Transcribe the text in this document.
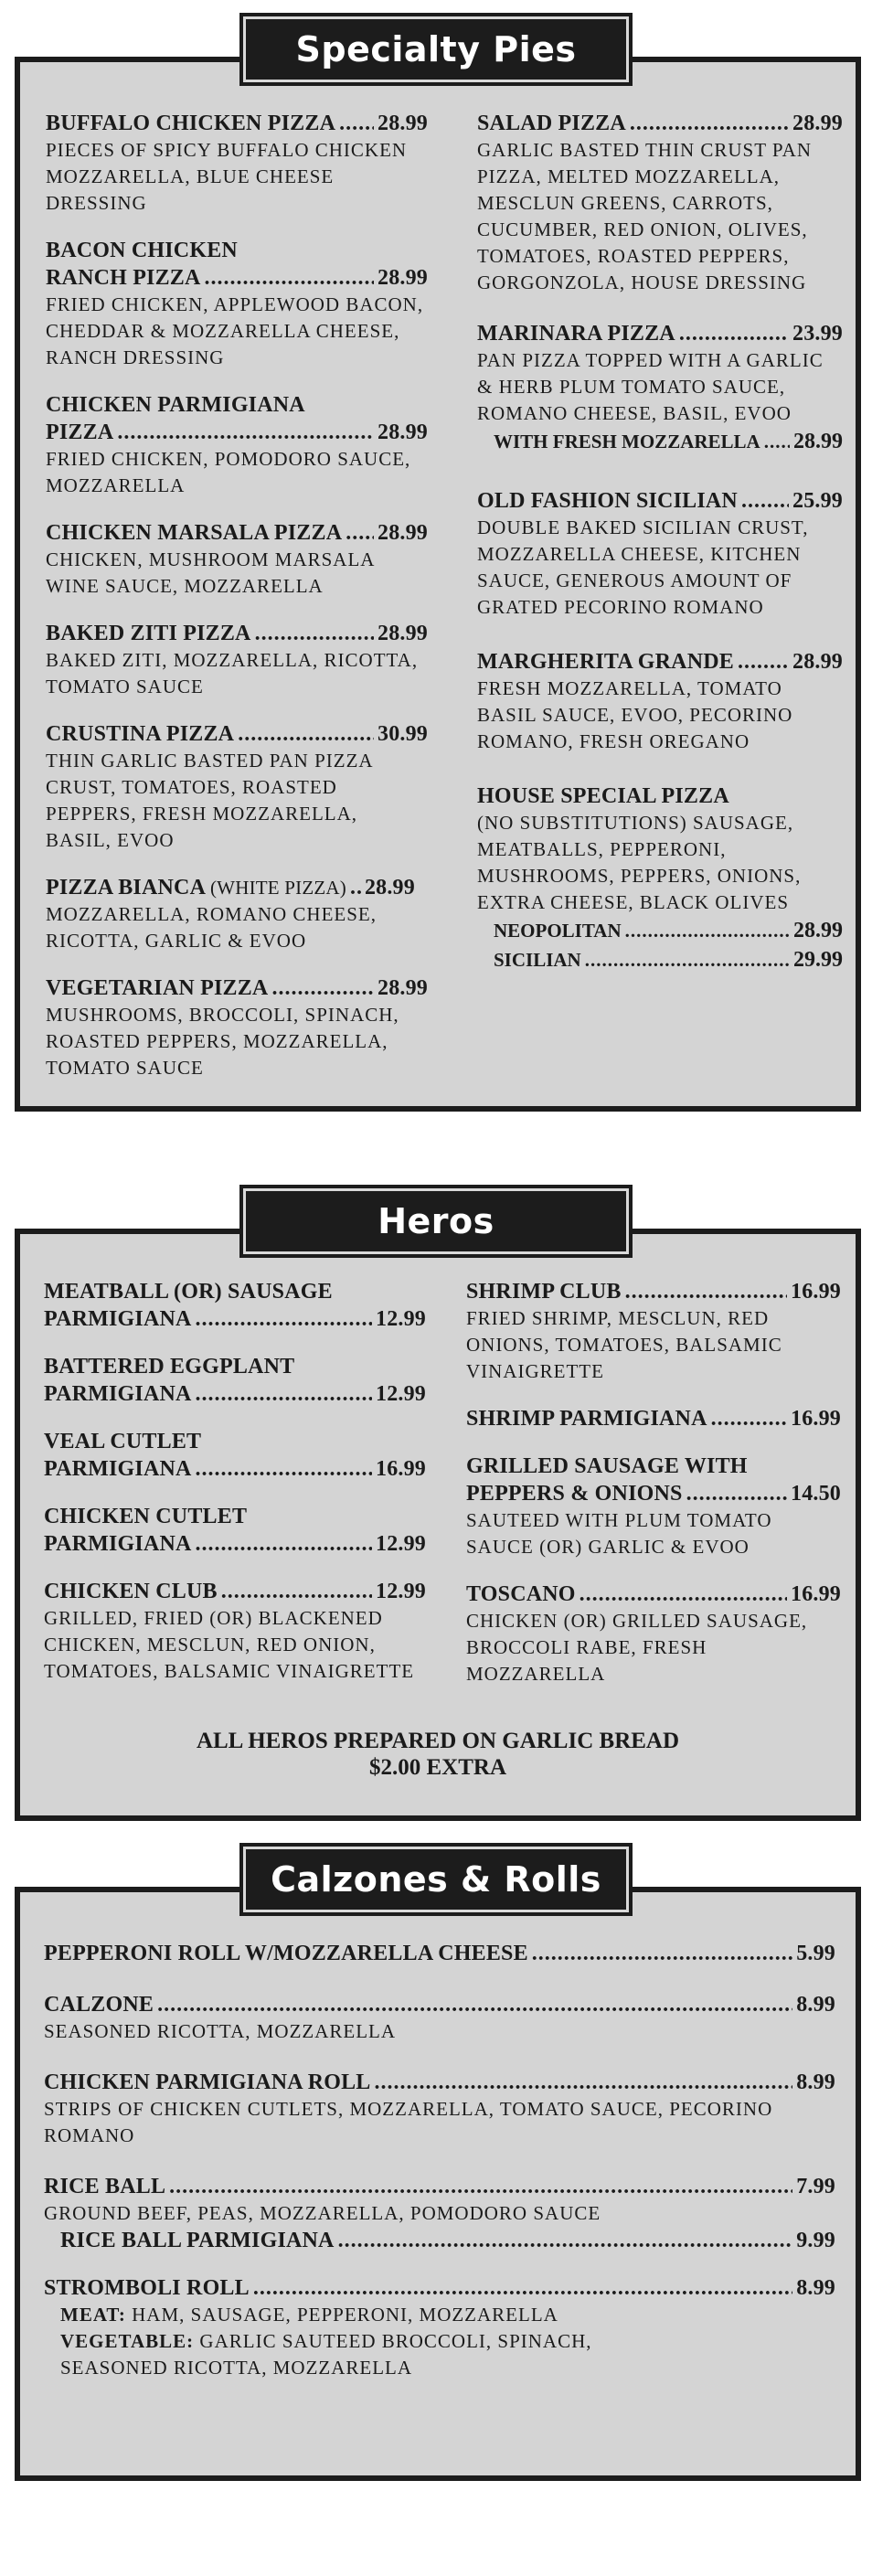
BUFFALO CHICKEN PIZZA ..... 28.99
PIECES OF SPICY BUFFALO CHICKEN MOZZARELLA, BLUE CHEESE DRESSING
BACON CHICKEN
RANCH PIZZA .....	28.99
FRIED CHICKEN, APPLEWOOD BACON, CHEDDAR & MOZZARELLA CHEESE, RANCH DRESSING
CHICKEN PARMIGIANA
PIZZA .....	28.99
FRIED CHICKEN, POMODORO SAUCE, MOZZARELLA
CHICKEN MARSALA PIZZA ..... 28.99
CHICKEN, MUSHROOM MARSALA WINE SAUCE, MOZZARELLA
BAKED ZITI PIZZA .....	28.99
BAKED ZITI, MOZZARELLA, RICOTTA, TOMATO SAUCE
CRUSTINA PIZZA .....	30.99
THIN GARLIC BASTED PAN PIZZA CRUST, TOMATOES, ROASTED PEPPERS, FRESH MOZZARELLA, BASIL, EVOO
PIZZA BIANCA (WHITE PIZZA) ..... 28.99
MOZZARELLA, ROMANO CHEESE, RICOTTA, GARLIC & EVOO
VEGETARIAN PIZZA .....	28.99
MUSHROOMS, BROCCOLI, SPINACH, ROASTED PEPPERS, MOZZARELLA, TOMATO SAUCE
SALAD PIZZA .....	28.99
GARLIC BASTED THIN CRUST PAN PIZZA, MELTED MOZZARELLA, MESCLUN GREENS, CARROTS, CUCUMBER, RED ONION, OLIVES, TOMATOES, ROASTED PEPPERS, GORGONZOLA, HOUSE DRESSING
MARINARA PIZZA .....	23.99
PAN PIZZA TOPPED WITH A GARLIC & HERB PLUM TOMATO SAUCE, ROMANO CHEESE, BASIL, EVOO
WITH FRESH MOZZARELLA ..... 28.99
OLD FASHION SICILIAN .....	25.99
DOUBLE BAKED SICILIAN CRUST, MOZZARELLA CHEESE, KITCHEN SAUCE, GENEROUS AMOUNT OF GRATED PECORINO ROMANO
MARGHERITA GRANDE .....	28.99
FRESH MOZZARELLA, TOMATO BASIL SAUCE, EVOO, PECORINO ROMANO, FRESH OREGANO
HOUSE SPECIAL PIZZA
(NO SUBSTITUTIONS) SAUSAGE, MEATBALLS, PEPPERONI, MUSHROOMS, PEPPERS, ONIONS, EXTRA CHEESE, BLACK OLIVES
NEOPOLITAN .....	28.99
SICILIAN .....	29.99
Specialty Pies
MEATBALL (OR) SAUSAGE
PARMIGIANA .....	12.99
BATTERED EGGPLANT
PARMIGIANA .....	12.99
VEAL CUTLET
PARMIGIANA .....	16.99
CHICKEN CUTLET
PARMIGIANA .....	12.99
CHICKEN CLUB .....	12.99
GRILLED, FRIED (OR) BLACKENED CHICKEN, MESCLUN, RED ONION, TOMATOES, BALSAMIC VINAIGRETTE
SHRIMP CLUB .....	16.99
FRIED SHRIMP, MESCLUN, RED ONIONS, TOMATOES, BALSAMIC VINAIGRETTE
SHRIMP PARMIGIANA .....	16.99
GRILLED SAUSAGE WITH
PEPPERS & ONIONS .....	14.50
SAUTEED WITH PLUM TOMATO SAUCE (OR) GARLIC & EVOO
TOSCANO .....	16.99
CHICKEN (OR) GRILLED SAUSAGE, BROCCOLI RABE, FRESH MOZZARELLA
ALL HEROS PREPARED ON GARLIC BREAD
$2.00 EXTRA
Heros
PEPPERONI ROLL W/MOZZARELLA CHEESE .....	5.99
CALZONE .....	8.99
SEASONED RICOTTA, MOZZARELLA
CHICKEN PARMIGIANA ROLL .....	8.99
STRIPS OF CHICKEN CUTLETS, MOZZARELLA, TOMATO SAUCE, PECORINO ROMANO
RICE BALL .....	7.99
GROUND BEEF, PEAS, MOZZARELLA, POMODORO SAUCE
RICE BALL PARMIGIANA .....	9.99
STROMBOLI ROLL .....	8.99
MEAT: HAM, SAUSAGE, PEPPERONI, MOZZARELLA
VEGETABLE: GARLIC SAUTEED BROCCOLI, SPINACH, SEASONED RICOTTA, MOZZARELLA
Calzones & Rolls
